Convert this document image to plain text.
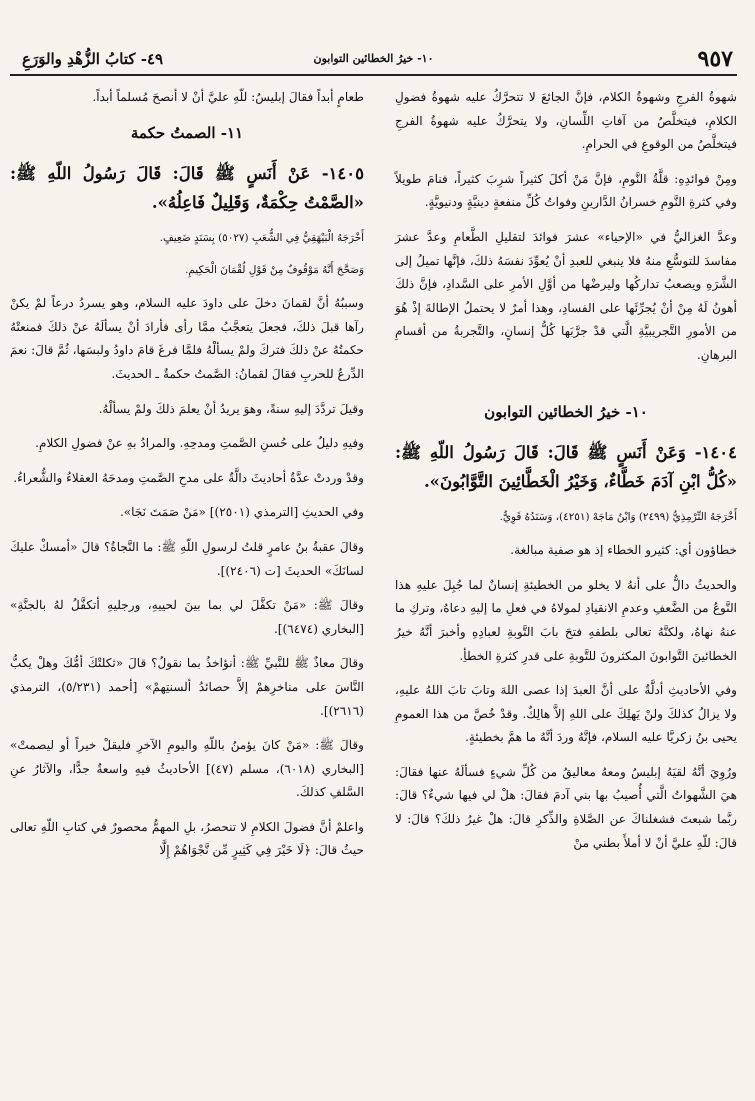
٩٥٧
١٠- خيرُ الخطائين التوابون
٤٩- كتابُ الزُّهْدِ والوَرَعِ

شهوةُ الفرجِ وشهوةُ الكلام، فإنَّ الجائعَ لا تتحرَّكُ عليه شهوةُ فضولِ الكلامِ، فيتخلَّصُ من آفاتِ اللِّسانِ، ولا يتحرَّكُ عليه شهوةُ الفرجِ فيتخلَّصُ من الوقوعِ في الحرامِ.

ومِنْ فوائدِهِ: قلَّةُ النَّومِ، فإنَّ مَنْ أكلَ كثيراً شرِبَ كثيراً، فنامَ طويلاً وفي كثرةِ النَّومِ خسرانُ الدَّارينِ وفواتُ كُلِّ منفعةٍ دينيَّةٍ ودنيويَّةٍ.

وعدَّ الغزاليُّ في «الإحياء» عشرَ فوائدَ لتقليلِ الطَّعامِ وعدَّ عشرَ مفاسدَ للتوسُّعِ منهُ فلا ينبغي للعبدِ أنْ يُعوِّدَ نفسَهُ ذلكَ، فإنَّها تميلُ إلى الشَّرَهِ ويصعبُ تداركُها وليرضْها من أوَّلِ الأمرِ على السَّدادِ، فإنَّ ذلكَ أهونُ لَهُ مِنْ أنْ يُجرِّئَها على الفسادِ، وهذا أمرٌ لا يحتملُ الإطالةَ إذْ هُوَ من الأمورِ التَّجريبيَّةِ الَّتي قدْ جرَّبَها كُلُّ إنسانٍ، والتَّجربةُ من أقسامِ البرهانِ.

١٠- خيرُ الخطائين التوابون

١٤٠٤- وَعَنْ أَنَسٍ ﷺ قَالَ: قَالَ رَسُولُ اللّهِ ﷺ: «كُلُّ ابْنِ آدَمَ خَطَّاءٌ، وَخَيْرُ الْخَطَّائِينَ التَّوَّابُونَ».

أَخْرَجَهُ التِّرْمِذِيُّ (٢٤٩٩) وَابْنُ مَاجَهْ (٤٢٥١)، وَسَنَدُهُ قَوِيٌّ.

خطاؤون أي: كثيرو الخطاء إذ هو صفية مبالغة.

والحديثُ دالٌّ على أنهُ لا يخلو من الخطيئةِ إنسانٌ لما جُبِلَ عليهِ هذا النَّوعُ من الضَّعفِ وعدمِ الانقيادِ لمولاهُ في فعلِ ما إليهِ دعاهُ، وتركِ ما عنهُ نهاهُ، ولكنَّهُ تعالى بلطفهِ فتحَ بابَ التَّوبةِ لعبادِهِ وأخبرَ أنَّهُ خيرُ الخطائينَ التَّوابونَ المكثرونَ للتَّوبةِ على قدرِ كثرةِ الخطأِ.

وفي الأحاديثِ أدلَّةٌ على أنَّ العبدَ إذا عصى اللهَ وتابَ تابَ اللهُ عليهِ، ولا يزالُ كذلكَ ولنْ يَهلِكَ على اللهِ إلاَّ هالِكٌ. وقدْ خُصَّ من هذا العمومِ يحيى بنُ زكريَّا عليه السلام، فإنَّهُ وردَ أنَّهُ ما همَّ بخطيئةٍ.

ورُوِيَ أنَّهُ لقيَهُ إبليسُ ومعهُ معاليقُ من كُلِّ شيءٍ فسألَهُ عنها فقالَ: هيَ الشَّهواتُ الَّتي أُصيبُ بها بني آدمَ فقالَ: هلْ لي فيها شيءٌ؟ قالَ: ربَّما شبعتَ فشغلناكَ عن الصَّلاةِ والذِّكرِ قالَ: هلْ غيرُ ذلكَ؟ قالَ: لا قالَ: للّهِ عليَّ أنْ لا أملأَ بطني منْ

طعامٍ أبداً فقالَ إبليسُ: للّهِ عليَّ أنْ لا أنصحَ مُسلماً أبداً.

١١- الصمتُ حكمة

١٤٠٥- عَنْ أَنَسٍ ﷺ قَالَ: قَالَ رَسُولُ اللّهِ ﷺ: «الصَّمْتُ حِكْمَةٌ، وَقَلِيلٌ فَاعِلُهُ».

أَخْرَجَهُ الْبَيْهَقِيُّ فِي الشُّعَبِ (٥٠٢٧) بِسَنَدٍ ضَعِيفٍ.

وَصَحَّحَ أَنَّهُ مَوْقُوفٌ مِنْ قَوْلِ لُقْمَانَ الْحَكِيمِ.

وسببُهُ أنَّ لقمانَ دخلَ على داودَ عليه السلام، وهو يسردُ درعاً لمْ يكنْ رآها قبلَ ذلكَ، فجعلَ يتعجَّبُ ممَّا رأى فأرادَ أنْ يسألَهُ عنْ ذلكَ فمنعتْهُ حكمتُهُ عنْ ذلكَ فتركَ ولمْ يسألْهُ فلمَّا فرغَ قامَ داودُ ولبسَها، ثُمَّ قالَ: نعمَ الدِّرعُ للحربِ فقالَ لقمانُ: الصَّمتُ حكمةٌ ـ الحديثَ.

وقيلَ تردَّدَ إليهِ سنةً، وهوَ يريدُ أنْ يعلمَ ذلكَ ولمْ يسألْهُ.

وفيهِ دليلٌ على حُسنِ الصَّمتِ ومدحِهِ. والمرادُ بهِ عنْ فضولِ الكلامِ.

وقدْ وردتْ عدَّةُ أحاديثَ دالَّةٌ على مدحِ الصَّمتِ ومدحَهُ العقلاءُ والشُّعراءُ.

وفي الحديثِ [الترمذي (٢٥٠١)] «مَنْ صَمَتَ نَجَا».

وقالَ عقبةُ بنُ عامرٍ قلتُ لرسولِ اللّهِ ﷺ: ما النَّجاةُ؟ قالَ «أمسكْ عليكَ لسانَكَ» الحديثَ [ت (٢٤٠٦)].

وقالَ ﷺ: «مَنْ تكفَّلَ لي بما بينَ لحييهِ، ورجليهِ أتكفَّلُ لهُ بالجنَّةِ» [البخاري (٦٤٧٤)].

وقالَ معاذٌ ﷺ للنَّبيِّ ﷺ: أنؤاخذُ بما نقولُ؟ قالَ «ثكلتْكَ أمُّكَ وهلْ يكبُّ النَّاسَ على مناخرِهمْ إلاَّ حصائدُ ألسنتِهمْ» [أحمد (٥/٢٣١)، الترمذي (٢٦١٦)].

وقالَ ﷺ: «مَنْ كانَ يؤمنُ باللّهِ واليومِ الآخرِ فليقلْ خيراً أو ليصمتْ» [البخاري (٦٠١٨)، مسلم (٤٧)] الأحاديثُ فيهِ واسعةٌ جدًّا، والآثارُ عنِ السَّلفِ كذلكَ.

واعلمْ أنَّ فضولَ الكلامِ لا تنحصرُ، بلِ المهمُّ محصورٌ في كتابِ اللّهِ تعالى حيثُ قالَ: ﴿لَا خَيْرَ فِي كَثِيرٍ مِّن نَّجْوَاهُمْ إِلَّا
